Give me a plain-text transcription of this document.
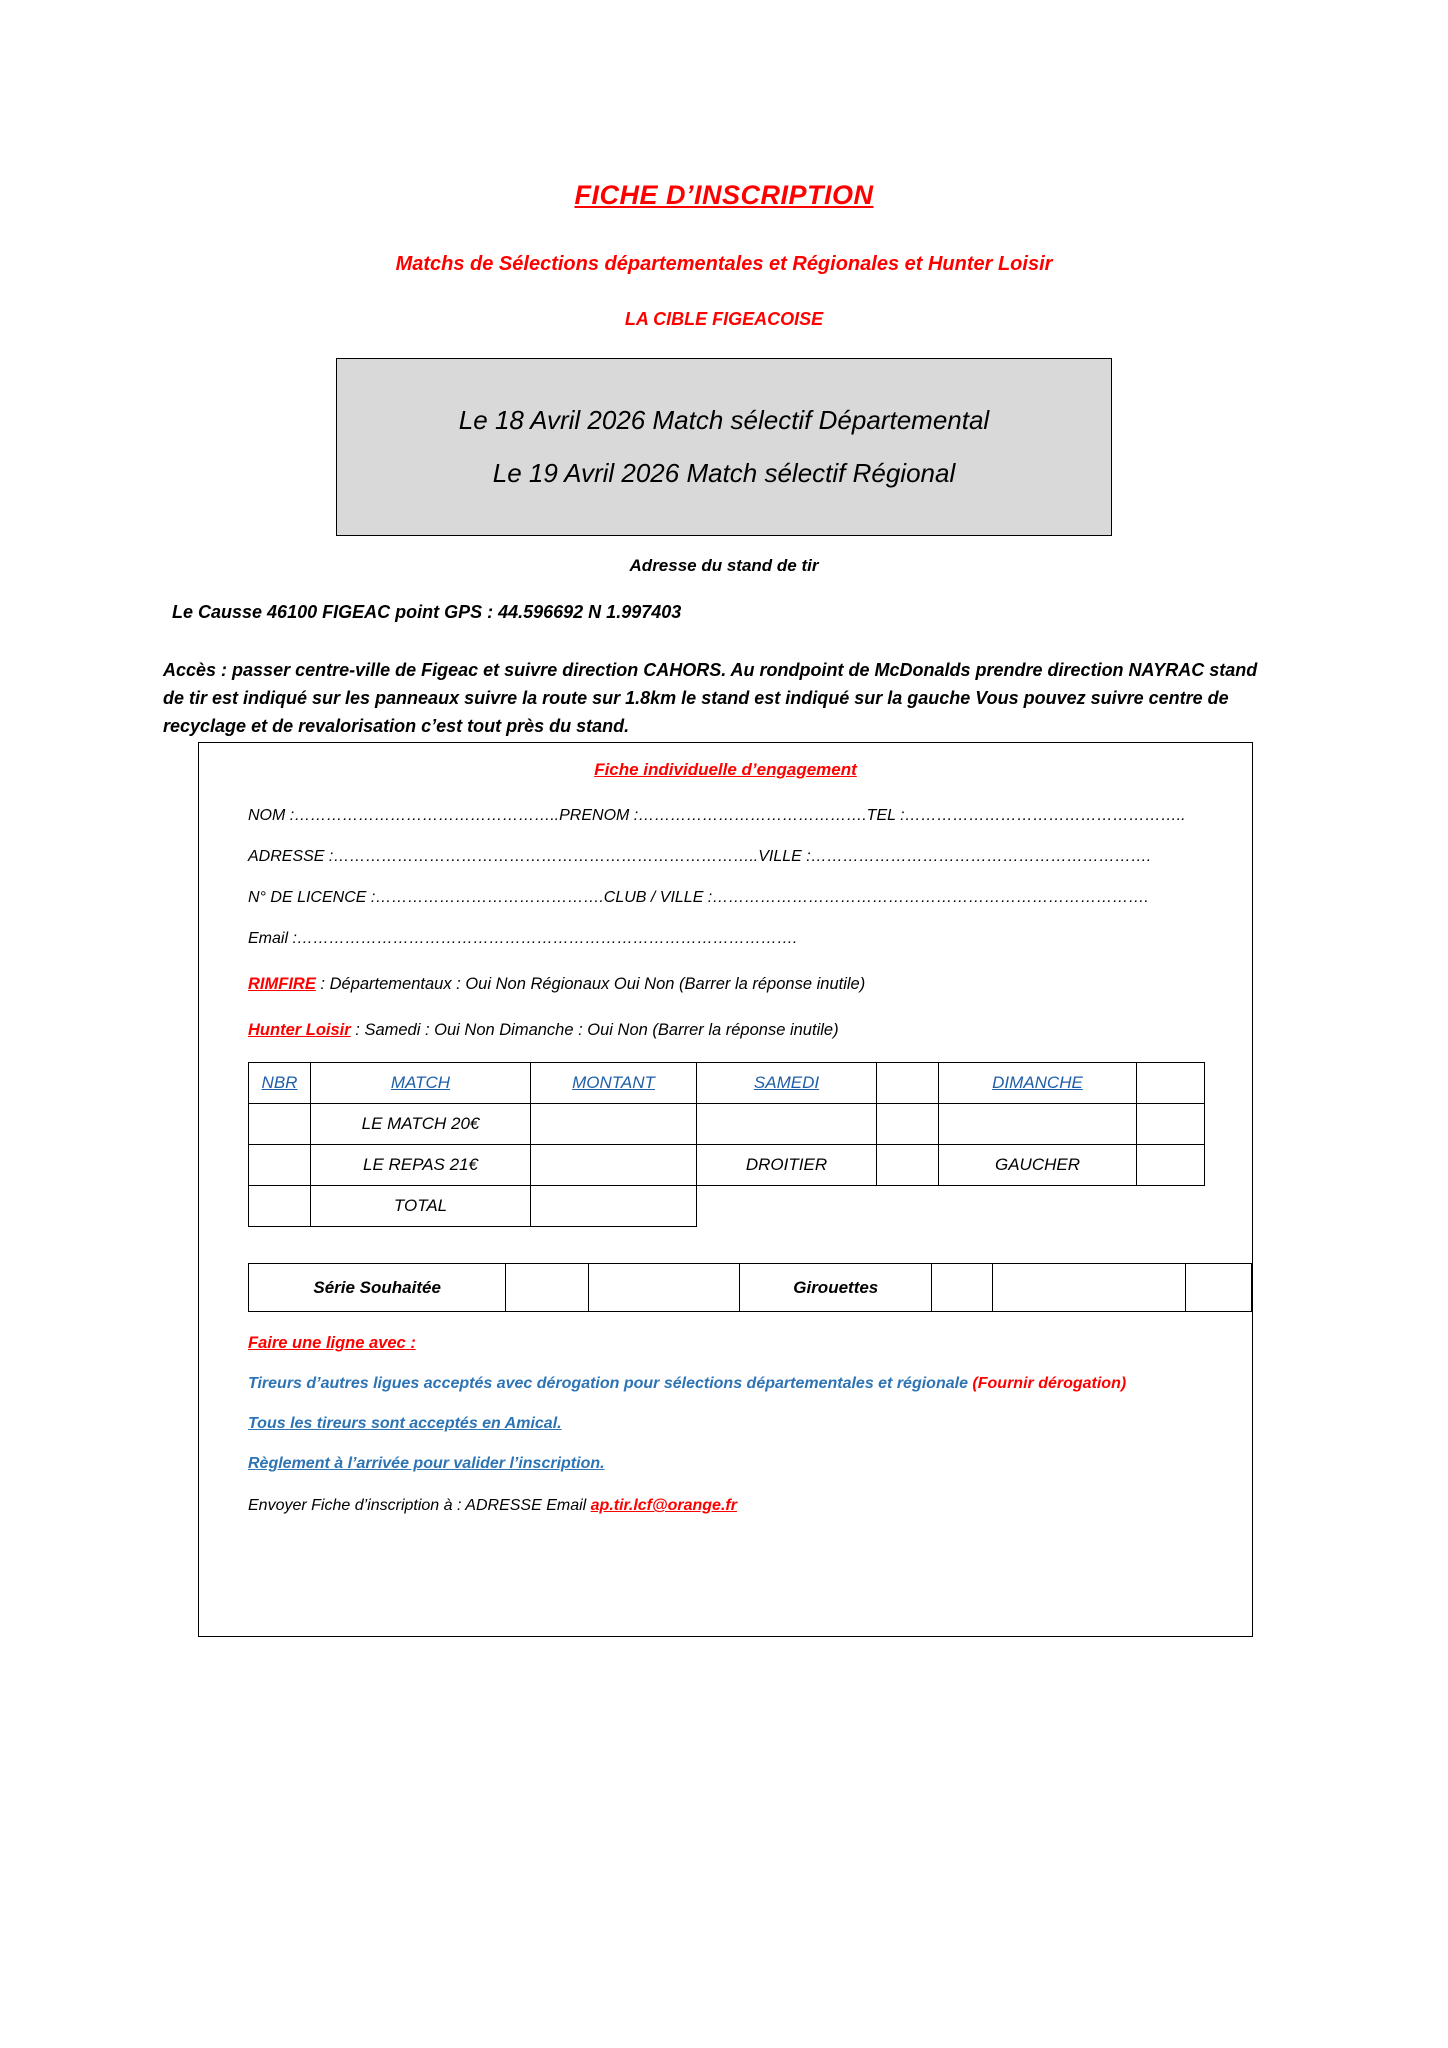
FICHE D’INSCRIPTION
Matchs de Sélections départementales et Régionales et Hunter Loisir
LA CIBLE FIGEACOISE
Le 18 Avril 2026 Match sélectif Départemental
Le 19 Avril 2026 Match sélectif Régional
Adresse du stand de tir
Le Causse 46100 FIGEAC point GPS : 44.596692 N 1.997403
Accès : passer centre-ville de Figeac et suivre direction CAHORS. Au rondpoint de McDonalds prendre direction NAYRAC stand de tir est indiqué sur les panneaux suivre la route sur 1.8km le stand est indiqué sur la gauche Vous pouvez suivre centre de recyclage et de revalorisation c’est tout près du stand.
Fiche individuelle d’engagement
NOM :…………………………………………..PRENOM :…………………………………….TEL :……………………………………………..
ADRESSE :……………………………………………………………………..VILLE :……………………………………………………….
N° DE LICENCE :…………………………………….CLUB / VILLE :……………………………………………………………………….
Email :………………………………………………………………………………….
RIMFIRE : Départementaux : Oui Non Régionaux Oui Non (Barrer la réponse inutile)
Hunter Loisir : Samedi : Oui Non Dimanche : Oui Non (Barrer la réponse inutile)
NBR	MATCH	MONTANT	SAMEDI		DIMANCHE	
	LE MATCH 20€					
	LE REPAS 21€		DROITIER		GAUCHER	
	TOTAL					
Série Souhaitée			Girouettes			
Faire une ligne avec :
Tireurs d’autres ligues acceptés avec dérogation pour sélections départementales et régionale (Fournir dérogation)
Tous les tireurs sont acceptés en Amical.
Règlement à l’arrivée pour valider l’inscription.
Envoyer Fiche d’inscription à : ADRESSE Email ap.tir.lcf@orange.fr
